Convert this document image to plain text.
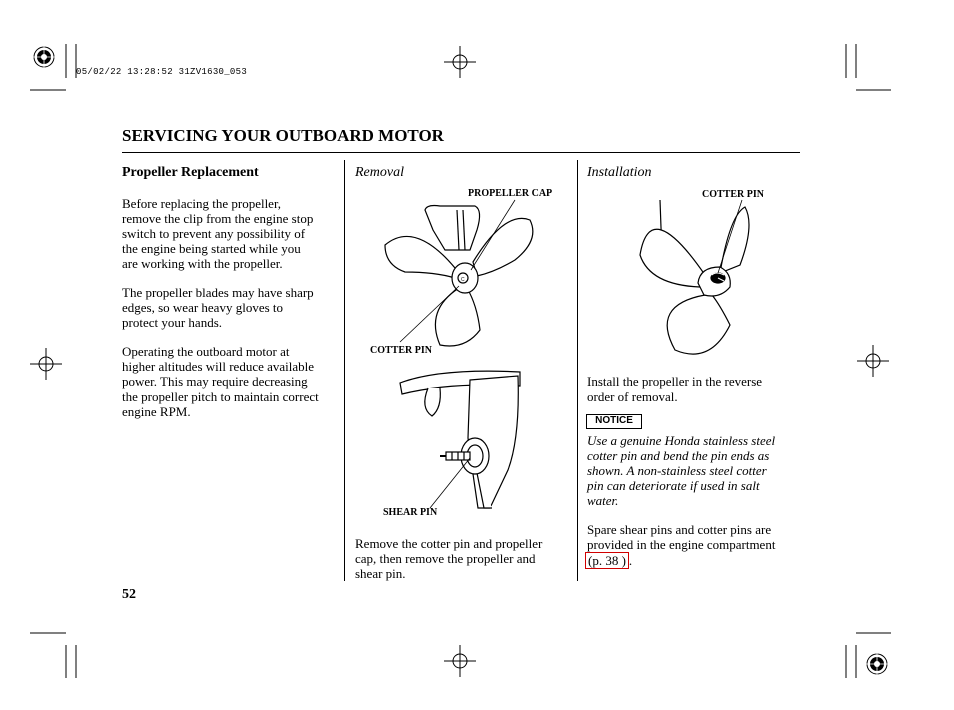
05/02/22 13:28:52 31ZV1630_053
SERVICING YOUR OUTBOARD MOTOR
Propeller Replacement
Before replacing the propeller,
remove the clip from the engine stop
switch to prevent any possibility of
the engine being started while you
are working with the propeller.
The propeller blades may have sharp
edges, so wear heavy gloves to
protect your hands.
Operating the outboard motor at
higher altitudes will reduce available
power. This may require decreasing
the propeller pitch to maintain correct
engine RPM.
Removal
C
PROPELLER CAP
COTTER PIN
SHEAR PIN
Remove the cotter pin and propeller
cap, then remove the propeller and
shear pin.
Installation
COTTER PIN
Install the propeller in the reverse
order of removal.
NOTICE
Use a genuine Honda stainless steel
cotter pin and bend the pin ends as
shown. A non-stainless steel cotter
pin can deteriorate if used in salt
water.
Spare shear pins and cotter pins are
provided in the engine compartment
(p. 38 ) .
52
